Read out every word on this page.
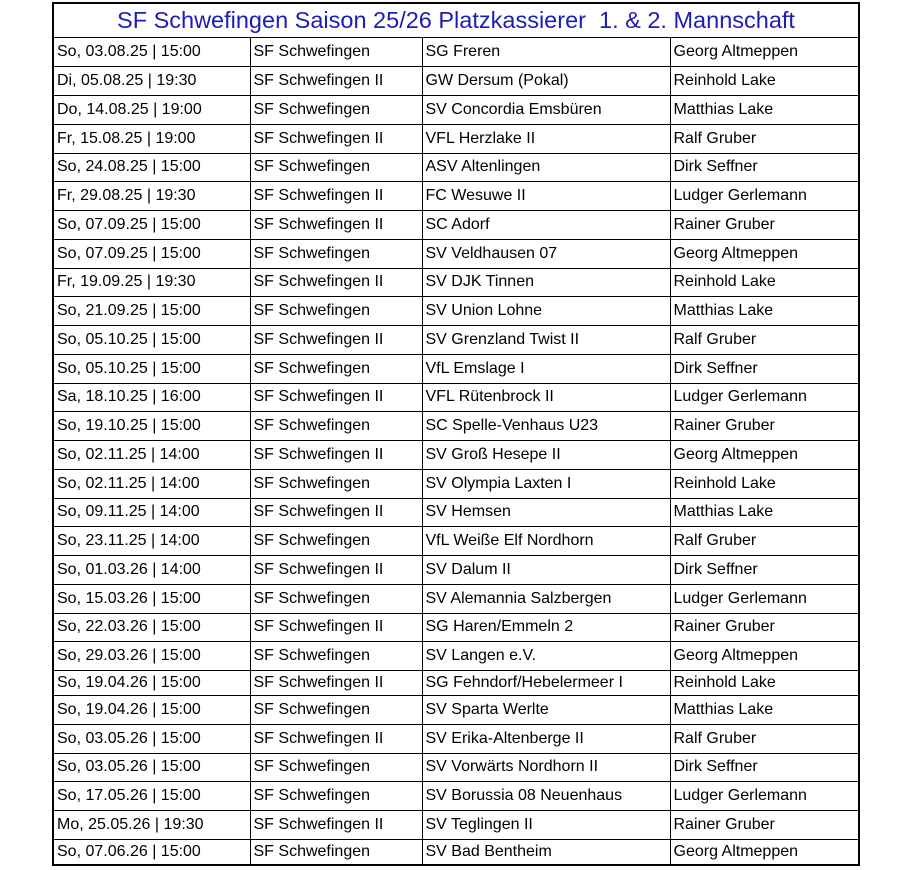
SF Schwefingen Saison 25/26 Platzkassierer  1. & 2. Mannschaft
So, 03.08.25 | 15:00	SF Schwefingen	SG Freren	Georg Altmeppen
Di, 05.08.25 | 19:30	SF Schwefingen II	GW Dersum (Pokal)	Reinhold Lake
Do, 14.08.25 | 19:00	SF Schwefingen	SV Concordia Emsbüren	Matthias Lake
Fr, 15.08.25 | 19:00	SF Schwefingen II	VFL Herzlake II	Ralf Gruber
So, 24.08.25 | 15:00	SF Schwefingen	ASV Altenlingen	Dirk Seffner
Fr, 29.08.25 | 19:30	SF Schwefingen II	FC Wesuwe II	Ludger Gerlemann
So, 07.09.25 | 15:00	SF Schwefingen II	SC Adorf	Rainer Gruber
So, 07.09.25 | 15:00	SF Schwefingen	SV Veldhausen 07	Georg Altmeppen
Fr, 19.09.25 | 19:30	SF Schwefingen II	SV DJK Tinnen	Reinhold Lake
So, 21.09.25 | 15:00	SF Schwefingen	SV Union Lohne	Matthias Lake
So, 05.10.25 | 15:00	SF Schwefingen II	SV Grenzland Twist II	Ralf Gruber
So, 05.10.25 | 15:00	SF Schwefingen	VfL Emslage I	Dirk Seffner
Sa, 18.10.25 | 16:00	SF Schwefingen II	VFL Rütenbrock II	Ludger Gerlemann
So, 19.10.25 | 15:00	SF Schwefingen	SC Spelle-Venhaus U23	Rainer Gruber
So, 02.11.25 | 14:00	SF Schwefingen II	SV Groß Hesepe II	Georg Altmeppen
So, 02.11.25 | 14:00	SF Schwefingen	SV Olympia Laxten I	Reinhold Lake
So, 09.11.25 | 14:00	SF Schwefingen II	SV Hemsen	Matthias Lake
So, 23.11.25 | 14:00	SF Schwefingen	VfL Weiße Elf Nordhorn	Ralf Gruber
So, 01.03.26 | 14:00	SF Schwefingen II	SV Dalum II	Dirk Seffner
So, 15.03.26 | 15:00	SF Schwefingen	SV Alemannia Salzbergen	Ludger Gerlemann
So, 22.03.26 | 15:00	SF Schwefingen II	SG Haren/Emmeln 2	Rainer Gruber
So, 29.03.26 | 15:00	SF Schwefingen	SV Langen e.V.	Georg Altmeppen
So, 19.04.26 | 15:00	SF Schwefingen II	SG Fehndorf/Hebelermeer I	Reinhold Lake
So, 19.04.26 | 15:00	SF Schwefingen	SV Sparta Werlte	Matthias Lake
So, 03.05.26 | 15:00	SF Schwefingen II	SV Erika-Altenberge II	Ralf Gruber
So, 03.05.26 | 15:00	SF Schwefingen	SV Vorwärts Nordhorn II	Dirk Seffner
So, 17.05.26 | 15:00	SF Schwefingen	SV Borussia 08 Neuenhaus	Ludger Gerlemann
Mo, 25.05.26 | 19:30	SF Schwefingen II	SV Teglingen II	Rainer Gruber
So, 07.06.26 | 15:00	SF Schwefingen	SV Bad Bentheim	Georg Altmeppen
